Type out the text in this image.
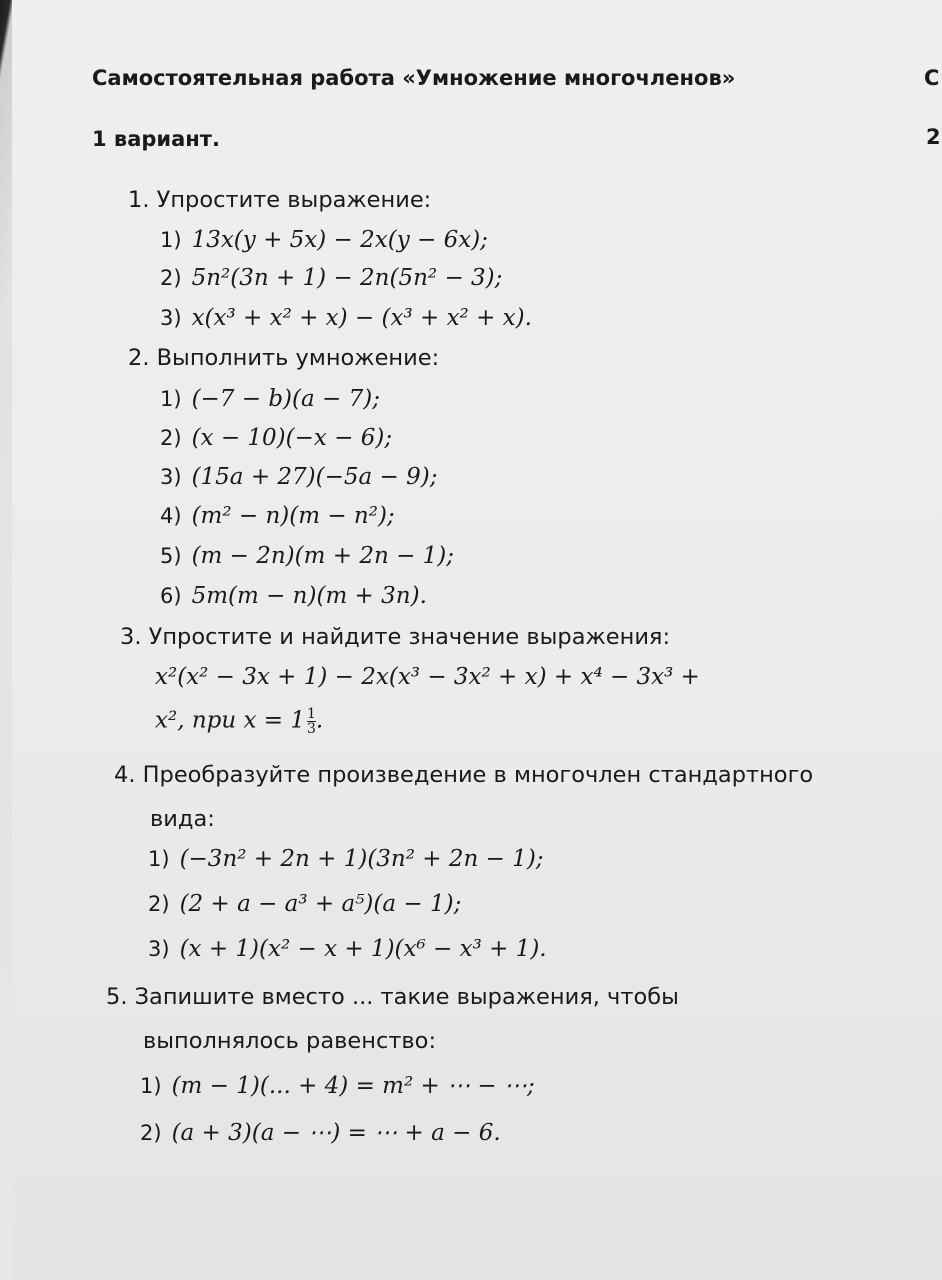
Самостоятельная работа «Умножение многочленов»
1 вариант.
С
2
1. Упростите выражение:
1) 13x(y + 5x) − 2x(y − 6x);
2) 5n²(3n + 1) − 2n(5n² − 3);
3) x(x³ + x² + x) − (x³ + x² + x).
2. Выполнить умножение:
1) (−7 − b)(a − 7);
2) (x − 10)(−x − 6);
3) (15a + 27)(−5a − 9);
4) (m² − n)(m − n²);
5) (m − 2n)(m + 2n − 1);
6) 5m(m − n)(m + 3n).
3. Упростите и найдите значение выражения:
x²(x² − 3x + 1) − 2x(x³ − 3x² + x) + x⁴ − 3x³ +
x², при $x = 1 \frac{1}{3}$ .
4. Преобразуйте произведение в многочлен стандартного
вида:
1) (−3n² + 2n + 1)(3n² + 2n − 1);
2) (2 + a − a³ + a⁵)(a − 1);
3) (x + 1)(x² − x + 1)(x⁶ − x³ + 1).
5. Запишите вместо ... такие выражения, чтобы
выполнялось равенство:
1) (m − 1)(... + 4) = m² + ⋯ − ⋯;
2) (a + 3)(a − ⋯) = ⋯ + a − 6.
